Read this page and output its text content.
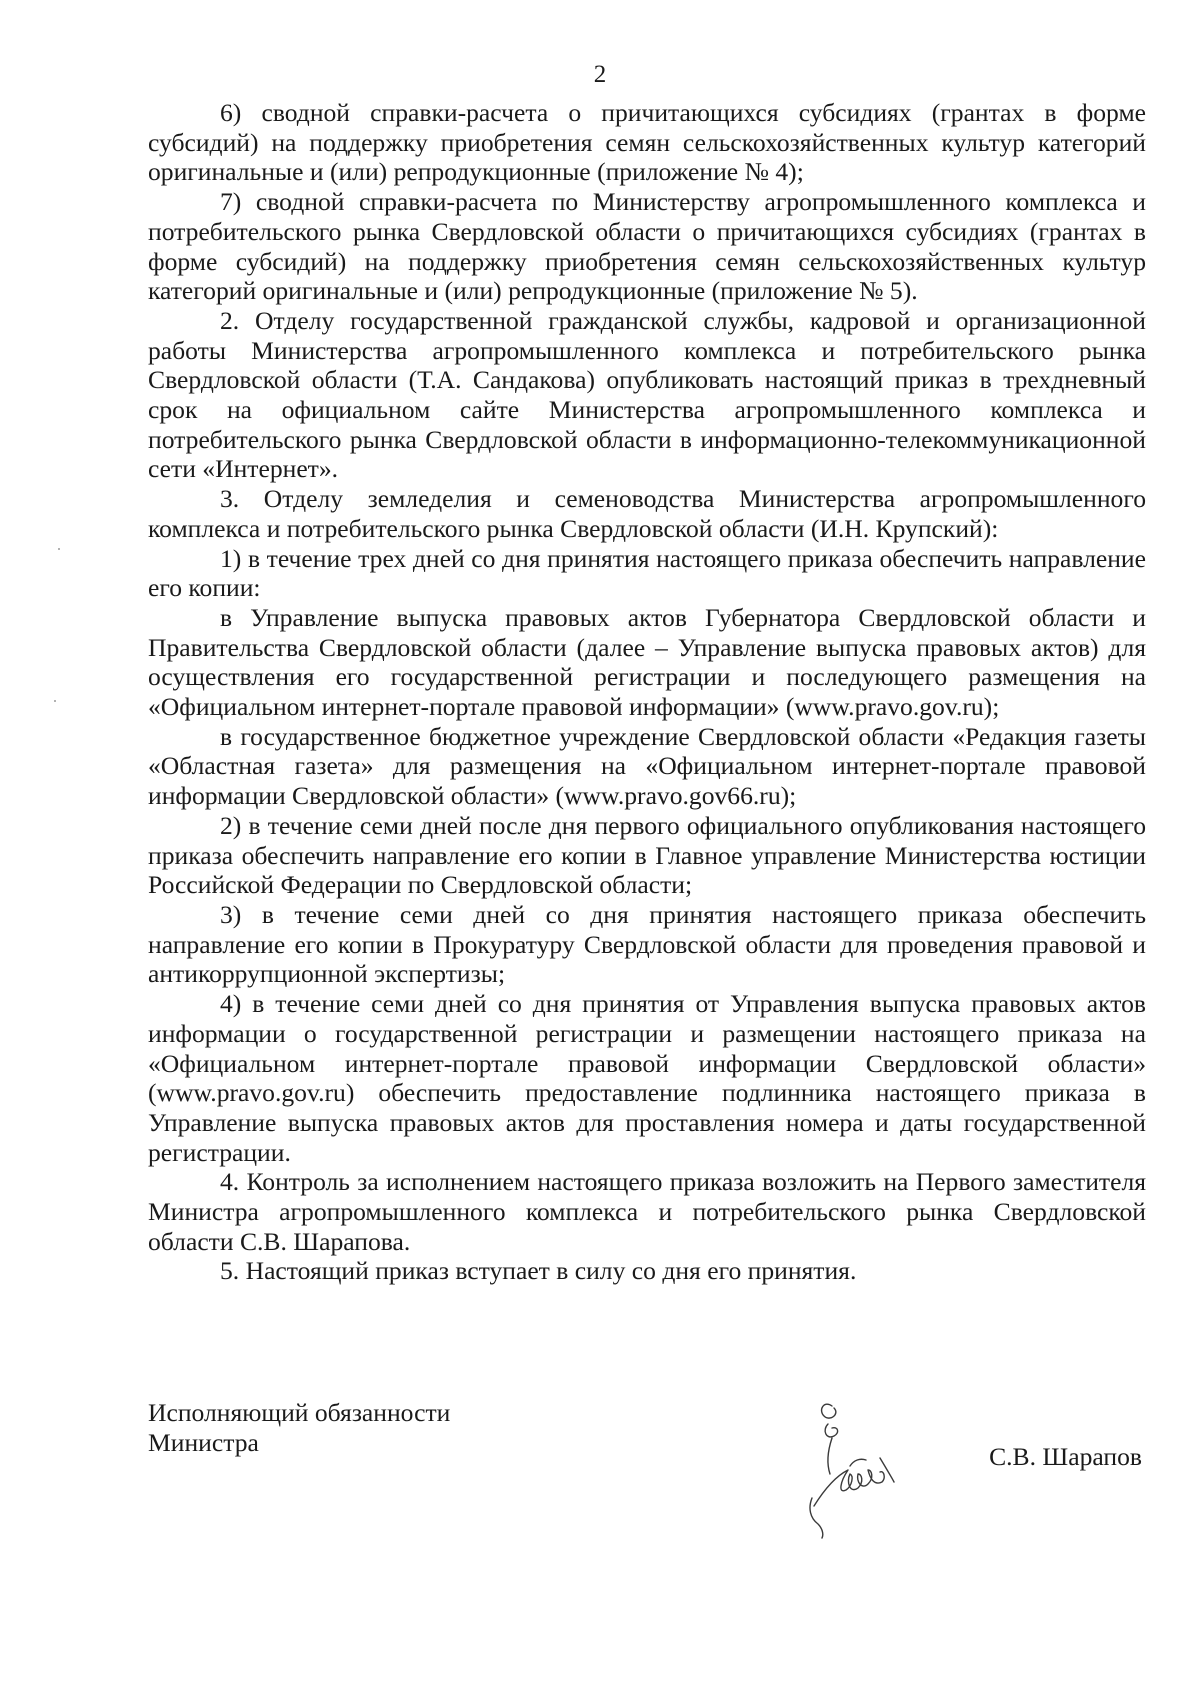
2

6) сводной справки-расчета о причитающихся субсидиях (грантах в форме субсидий) на поддержку приобретения семян сельскохозяйственных культур категорий оригинальные и (или) репродукционные (приложение № 4);

7) сводной справки-расчета по Министерству агропромышленного комплекса и потребительского рынка Свердловской области о причитающихся субсидиях (грантах в форме субсидий) на поддержку приобретения семян сельскохозяйственных культур категорий оригинальные и (или) репродукционные (приложение № 5).

2. Отделу государственной гражданской службы, кадровой и организационной работы Министерства агропромышленного комплекса и потребительского рынка Свердловской области (Т.А. Сандакова) опубликовать настоящий приказ в трехдневный срок на официальном сайте Министерства агропромышленного комплекса и потребительского рынка Свердловской области в информационно-телекоммуникационной сети «Интернет».

3. Отделу земледелия и семеноводства Министерства агропромышленного комплекса и потребительского рынка Свердловской области (И.Н. Крупский):

1) в течение трех дней со дня принятия настоящего приказа обеспечить направление его копии:

в Управление выпуска правовых актов Губернатора Свердловской области и Правительства Свердловской области (далее – Управление выпуска правовых актов) для осуществления его государственной регистрации и последующего размещения на «Официальном интернет-портале правовой информации» (www.pravo.gov.ru);

в государственное бюджетное учреждение Свердловской области «Редакция газеты «Областная газета» для размещения на «Официальном интернет-портале правовой информации Свердловской области» (www.pravo.gov66.ru);

2) в течение семи дней после дня первого официального опубликования настоящего приказа обеспечить направление его копии в Главное управление Министерства юстиции Российской Федерации по Свердловской области;

3) в течение семи дней со дня принятия настоящего приказа обеспечить направление его копии в Прокуратуру Свердловской области для проведения правовой и антикоррупционной экспертизы;

4) в течение семи дней со дня принятия от Управления выпуска правовых актов информации о государственной регистрации и размещении настоящего приказа на «Официальном интернет-портале правовой информации Свердловской области» (www.pravo.gov.ru) обеспечить предоставление подлинника настоящего приказа в Управление выпуска правовых актов для проставления номера и даты государственной регистрации.

4. Контроль за исполнением настоящего приказа возложить на Первого заместителя Министра агропромышленного комплекса и потребительского рынка Свердловской области С.В. Шарапова.

5. Настоящий приказ вступает в силу со дня его принятия.

Исполняющий обязанности
Министра	С.В. Шарапов
